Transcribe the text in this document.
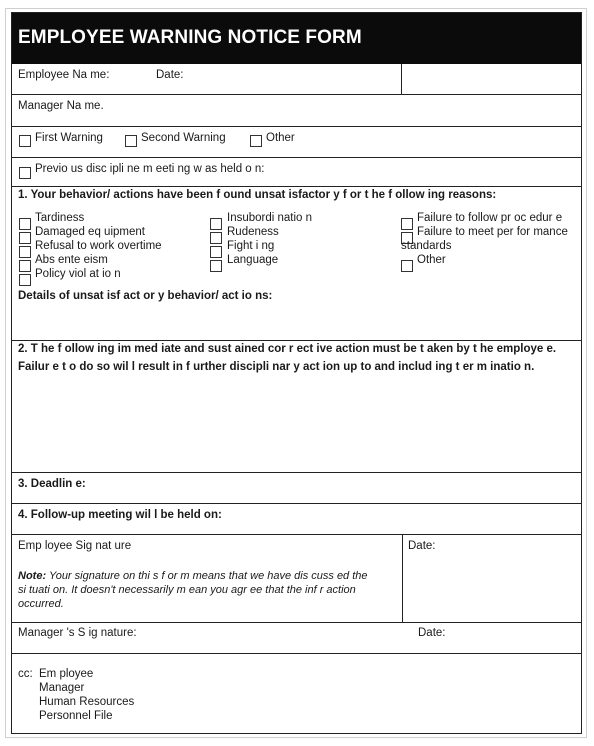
EMPLOYEE WARNING NOTICE FORM
Employee Na me:	Date:
Manager Na me.
First Warning	Second Warning	Other
Previo us disc ipli ne m eeti ng w as held o n:
1. Your behavior/ actions have been f ound unsat isfactor y f or t he f ollow ing reasons:
Tardiness
Damaged eq uipment
Refusal to work overtime
Abs ente eism
Policy viol at io n
Insubordi natio n
Rudeness
Fight i ng
Language
Failure to follow pr oc edur e
Failure to meet per for mance
standards
Other
Details of unsat isf act or y behavior/ act io ns:
2. T he f ollow ing im med iate and sust ained cor r ect ive action must be t aken by t he employe e.
Failur e t o do so wil l result in f urther discipli nar y act ion up to and includ ing t er m inatio n.
3. Deadlin e:
4. Follow-up meeting wil l be held on:
Emp loyee Sig nat ure	Date:
Note: Your signature on thi s f or m means that we have dis cuss ed the
si tuati on. It doesn't necessarily m ean you agr ee that the inf r action
occurred.
Manager 's S ig nature:	Date:
cc: Em ployee
Manager
Human Resources
Personnel File
